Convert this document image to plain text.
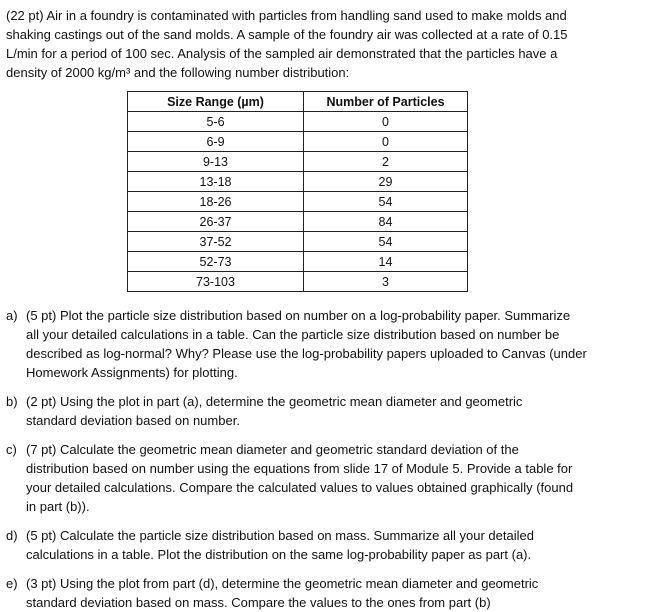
(22 pt) Air in a foundry is contaminated with particles from handling sand used to make molds and
shaking castings out of the sand molds. A sample of the foundry air was collected at a rate of 0.15
L/min for a period of 100 sec. Analysis of the sampled air demonstrated that the particles have a
density of 2000 kg/m³ and the following number distribution:
Size Range (µm)	Number of Particles
5-6	0
6-9	0
9-13	2
13-18	29
18-26	54
26-37	84
37-52	54
52-73	14
73-103	3
a) (5 pt) Plot the particle size distribution based on number on a log-probability paper. Summarize
all your detailed calculations in a table. Can the particle size distribution based on number be
described as log-normal? Why? Please use the log-probability papers uploaded to Canvas (under
Homework Assignments) for plotting.
b) (2 pt) Using the plot in part (a), determine the geometric mean diameter and geometric
standard deviation based on number.
c) (7 pt) Calculate the geometric mean diameter and geometric standard deviation of the
distribution based on number using the equations from slide 17 of Module 5. Provide a table for
your detailed calculations. Compare the calculated values to values obtained graphically (found
in part (b)).
d) (5 pt) Calculate the particle size distribution based on mass. Summarize all your detailed
calculations in a table. Plot the distribution on the same log-probability paper as part (a).
e) (3 pt) Using the plot from part (d), determine the geometric mean diameter and geometric
standard deviation based on mass. Compare the values to the ones from part (b)
